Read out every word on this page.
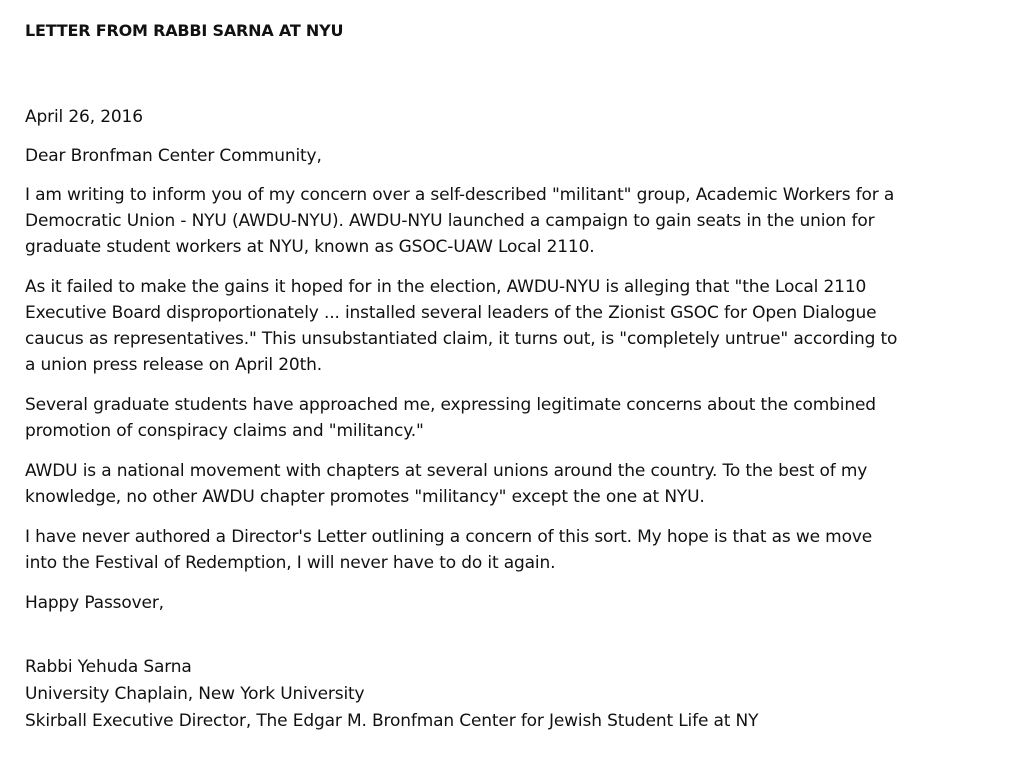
LETTER FROM RABBI SARNA AT NYU
April 26, 2016
Dear Bronfman Center Community,
I am writing to inform you of my concern over a self-described "militant" group, Academic Workers for a
Democratic Union - NYU (AWDU-NYU). AWDU-NYU launched a campaign to gain seats in the union for
graduate student workers at NYU, known as GSOC-UAW Local 2110.
As it failed to make the gains it hoped for in the election, AWDU-NYU is alleging that "the Local 2110
Executive Board disproportionately ... installed several leaders of the Zionist GSOC for Open Dialogue
caucus as representatives." This unsubstantiated claim, it turns out, is "completely untrue" according to
a union press release on April 20th.
Several graduate students have approached me, expressing legitimate concerns about the combined
promotion of conspiracy claims and "militancy."
AWDU is a national movement with chapters at several unions around the country. To the best of my
knowledge, no other AWDU chapter promotes "militancy" except the one at NYU.
I have never authored a Director's Letter outlining a concern of this sort. My hope is that as we move
into the Festival of Redemption, I will never have to do it again.
Happy Passover,
Rabbi Yehuda Sarna
University Chaplain, New York University
Skirball Executive Director, The Edgar M. Bronfman Center for Jewish Student Life at NY
